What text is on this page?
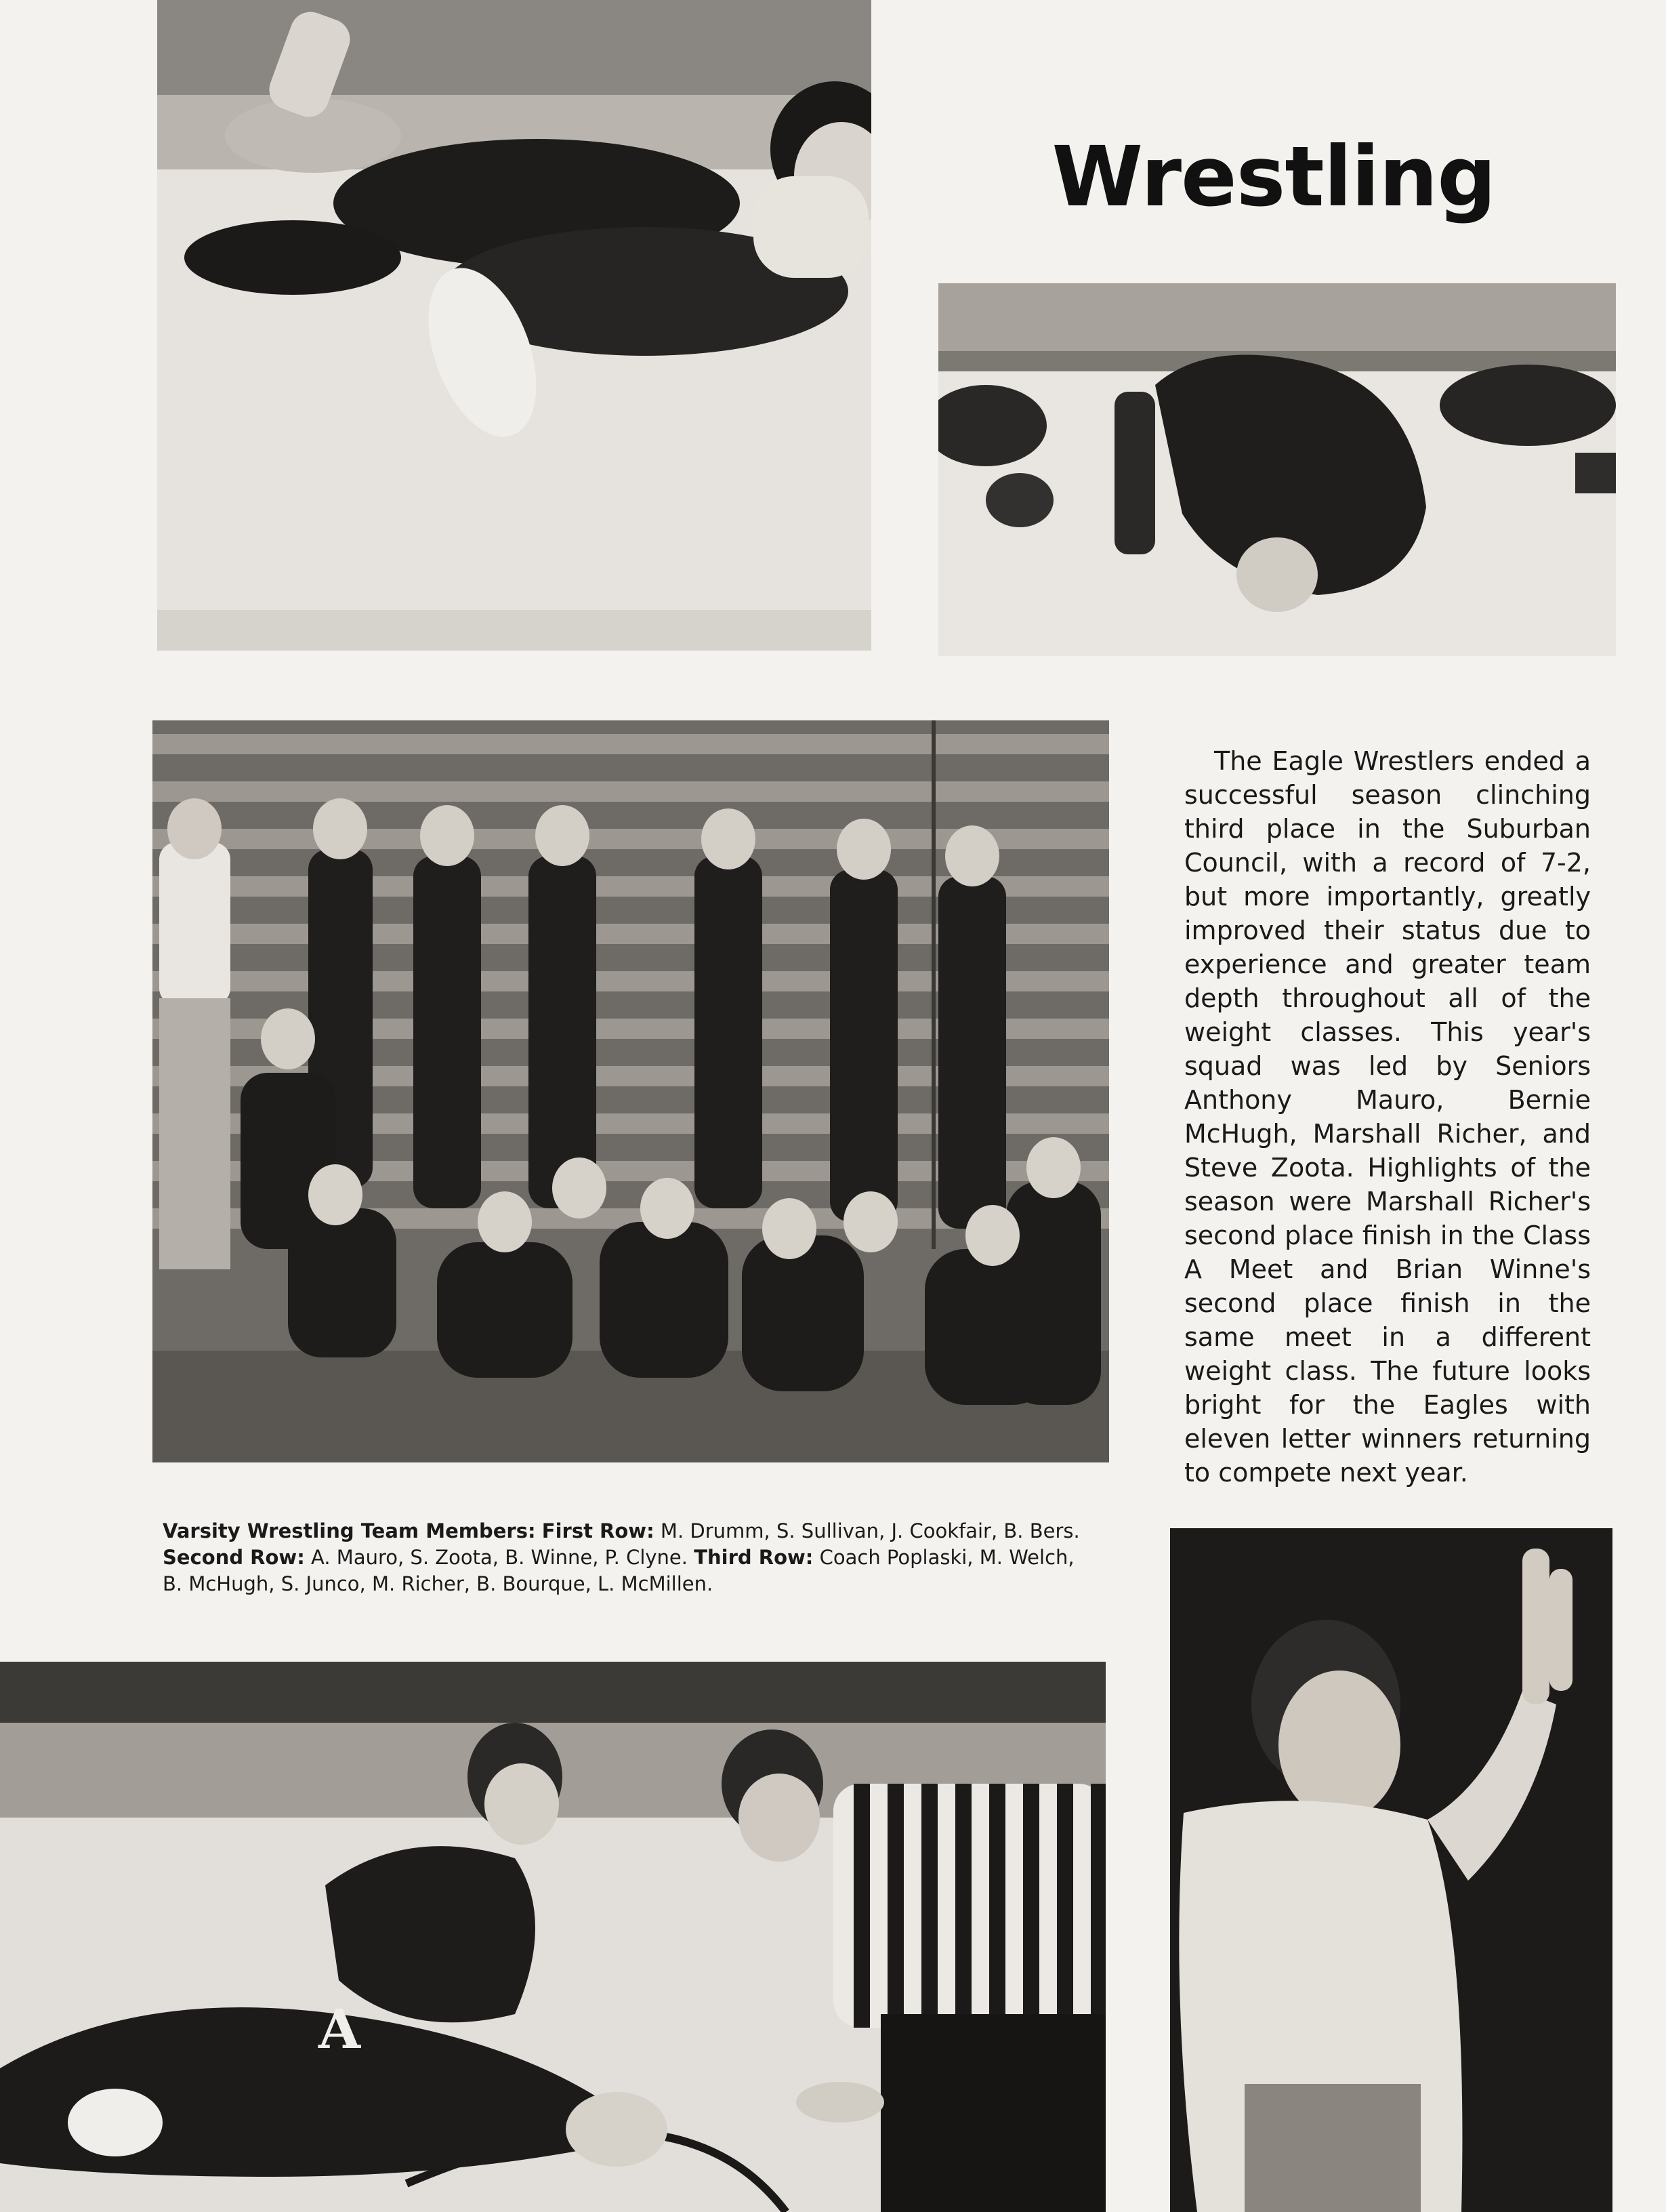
Wrestling

The Eagle Wrestlers ended a successful season clinching third place in the Suburban Council, with a record of 7-2, but more importantly, greatly improved their status due to experience and greater team depth throughout all of the weight classes. This year's squad was led by Seniors Anthony Mauro, Bernie McHugh, Marshall Richer, and Steve Zoota. Highlights of the season were Marshall Richer's second place finish in the Class A Meet and Brian Winne's second place finish in the same meet in a different weight class. The future looks bright for the Eagles with eleven letter winners returning to compete next year.

Varsity Wrestling Team Members: First Row: M. Drumm, S. Sullivan, J. Cookfair, B. Bers. Second Row: A. Mauro, S. Zoota, B. Winne, P. Clyne. Third Row: Coach Poplaski, M. Welch, B. McHugh, S. Junco, M. Richer, B. Bourque, L. McMillen.
A
